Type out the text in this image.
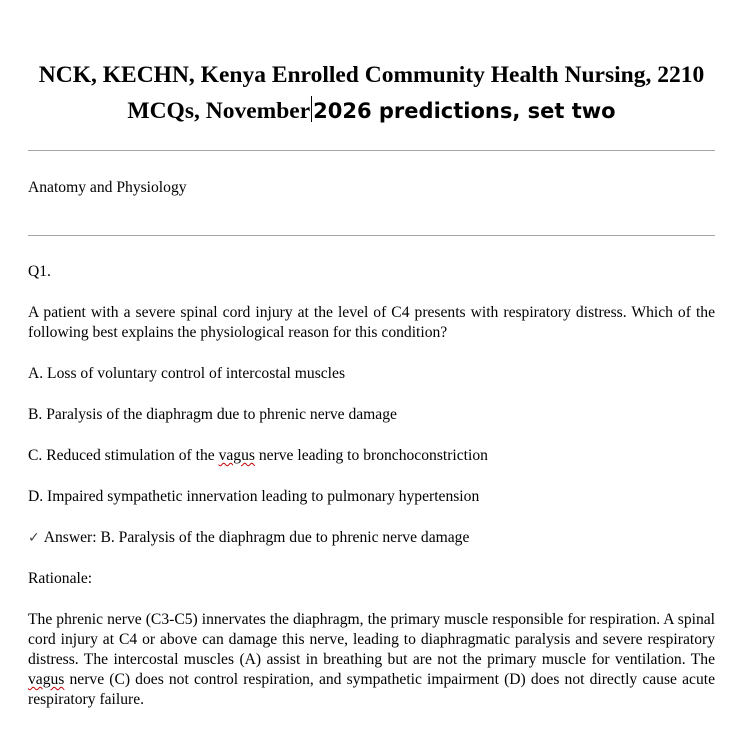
NCK, KECHN, Kenya Enrolled Community Health Nursing, 2210 MCQs, November 2026 predictions, set two

Anatomy and Physiology

Q1.

A patient with a severe spinal cord injury at the level of C4 presents with respiratory distress. Which of the following best explains the physiological reason for this condition?

A. Loss of voluntary control of intercostal muscles

B. Paralysis of the diaphragm due to phrenic nerve damage

C. Reduced stimulation of the vagus nerve leading to bronchoconstriction

D. Impaired sympathetic innervation leading to pulmonary hypertension

✓ Answer: B. Paralysis of the diaphragm due to phrenic nerve damage

Rationale:

The phrenic nerve (C3-C5) innervates the diaphragm, the primary muscle responsible for respiration. A spinal cord injury at C4 or above can damage this nerve, leading to diaphragmatic paralysis and severe respiratory distress. The intercostal muscles (A) assist in breathing but are not the primary muscle for ventilation. The vagus nerve (C) does not control respiration, and sympathetic impairment (D) does not directly cause acute respiratory failure.
